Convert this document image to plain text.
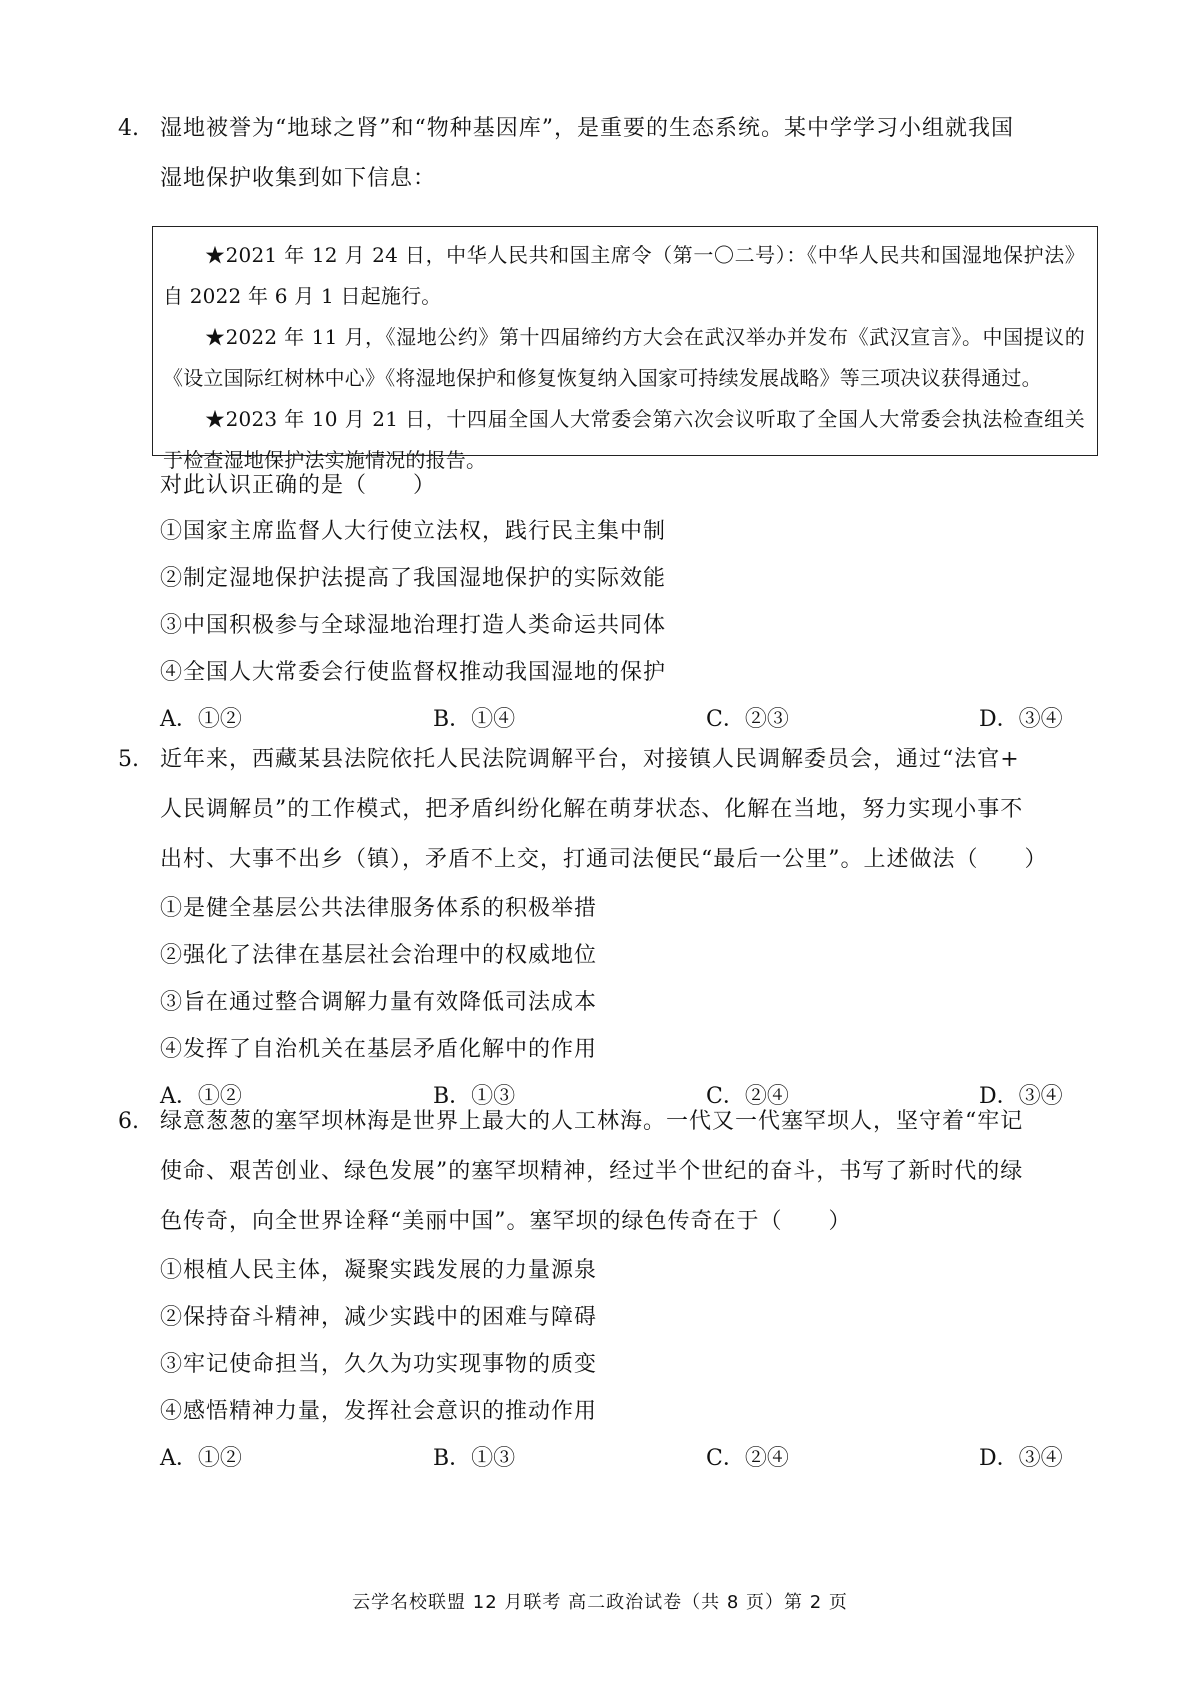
4. 湿地被誉为“地球之肾”和“物种基因库”，是重要的生态系统。某中学学习小组就我国
湿地保护收集到如下信息：
★2021 年 12 月 24 日，中华人民共和国主席令（第一〇二号）：《中华人民共和国湿地保护法》自 2022 年 6 月 1 日起施行。
★2022 年 11 月，《湿地公约》第十四届缔约方大会在武汉举办并发布《武汉宣言》。中国提议的《设立国际红树林中心》《将湿地保护和修复恢复纳入国家可持续发展战略》等三项决议获得通过。
★2023 年 10 月 21 日，十四届全国人大常委会第六次会议听取了全国人大常委会执法检查组关于检查湿地保护法实施情况的报告。
对此认识正确的是（　　）
①国家主席监督人大行使立法权，践行民主集中制
②制定湿地保护法提高了我国湿地保护的实际效能
③中国积极参与全球湿地治理打造人类命运共同体
④全国人大常委会行使监督权推动我国湿地的保护
A．①②	B．①④	C．②③	D．③④
5. 近年来，西藏某县法院依托人民法院调解平台，对接镇人民调解委员会，通过“法官+
人民调解员”的工作模式，把矛盾纠纷化解在萌芽状态、化解在当地，努力实现小事不
出村、大事不出乡（镇），矛盾不上交，打通司法便民“最后一公里”。上述做法（　　）
①是健全基层公共法律服务体系的积极举措
②强化了法律在基层社会治理中的权威地位
③旨在通过整合调解力量有效降低司法成本
④发挥了自治机关在基层矛盾化解中的作用
A．①②	B．①③	C．②④	D．③④
6. 绿意葱葱的塞罕坝林海是世界上最大的人工林海。一代又一代塞罕坝人，坚守着“牢记
使命、艰苦创业、绿色发展”的塞罕坝精神，经过半个世纪的奋斗，书写了新时代的绿
色传奇，向全世界诠释“美丽中国”。塞罕坝的绿色传奇在于（　　）
①根植人民主体，凝聚实践发展的力量源泉
②保持奋斗精神，减少实践中的困难与障碍
③牢记使命担当，久久为功实现事物的质变
④感悟精神力量，发挥社会意识的推动作用
A．①②	B．①③	C．②④	D．③④
云学名校联盟 12 月联考 高二政治试卷（共 8 页）第 2 页
